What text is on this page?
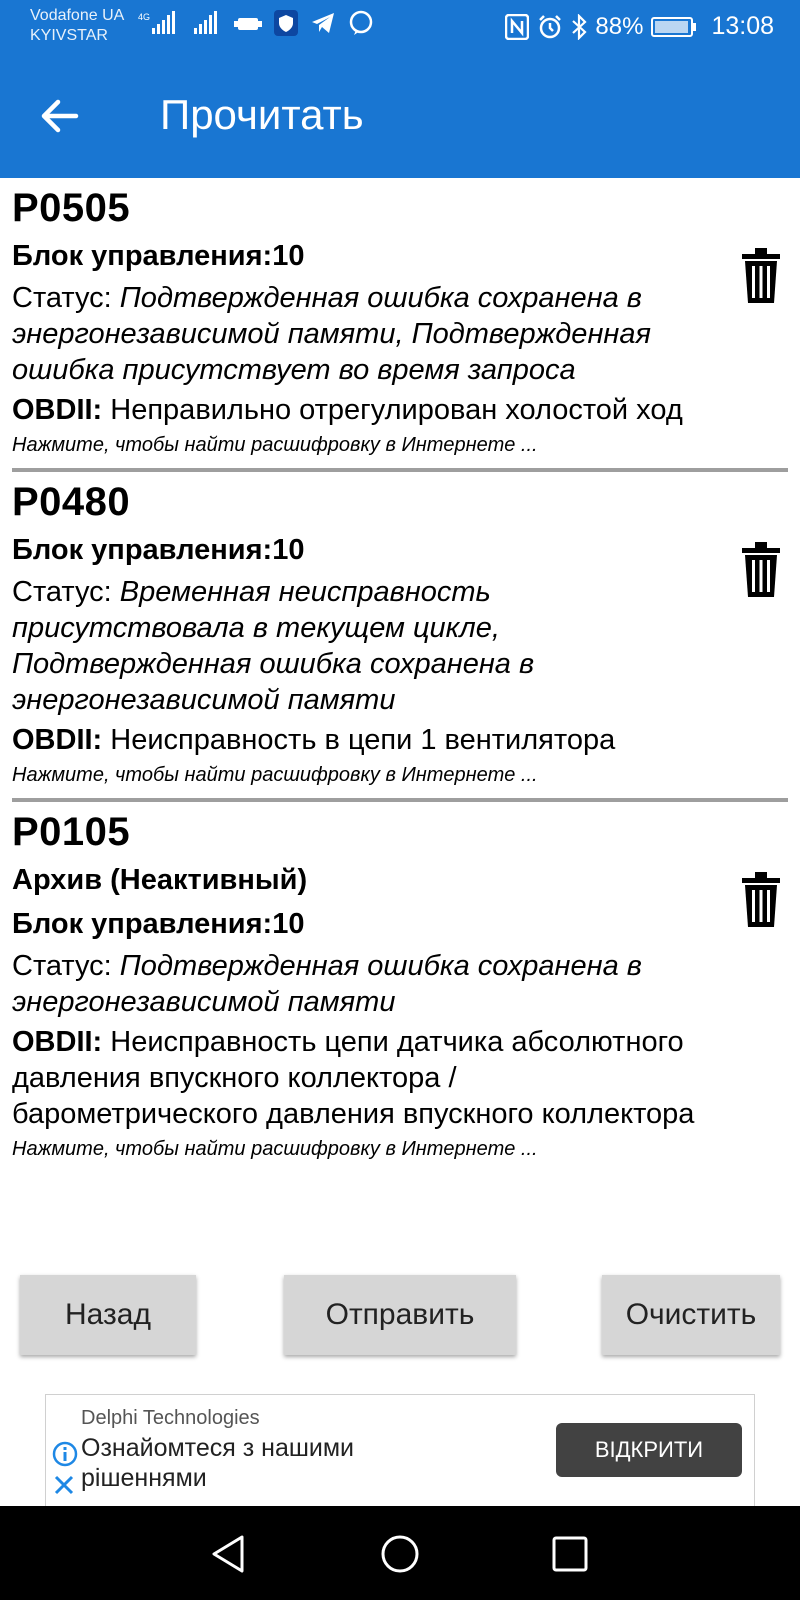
Vodafone UA
KYIVSTAR
4G	88%	13:08
Прочитать
P0505
Блок управления:10
Статус: Подтвержденная ошибка сохранена в энергонезависимой памяти, Подтвержденная ошибка присутствует во время запроса
OBDII: Неправильно отрегулирован холостой ход
Нажмите, чтобы найти расшифровку в Интернете ...
P0480
Блок управления:10
Статус: Временная неисправность присутствовала в текущем цикле, Подтвержденная ошибка сохранена в энергонезависимой памяти
OBDII: Неисправность в цепи 1 вентилятора
Нажмите, чтобы найти расшифровку в Интернете ...
P0105
Архив (Неактивный)
Блок управления:10
Статус: Подтвержденная ошибка сохранена в энергонезависимой памяти
OBDII: Неисправность цепи датчика абсолютного давления впускного коллектора / барометрического давления впускного коллектора
Нажмите, чтобы найти расшифровку в Интернете ...
Назад	Отправить	Очистить
Delphi Technologies
Ознайомтеся з нашими рішеннями
ВІДКРИТИ
